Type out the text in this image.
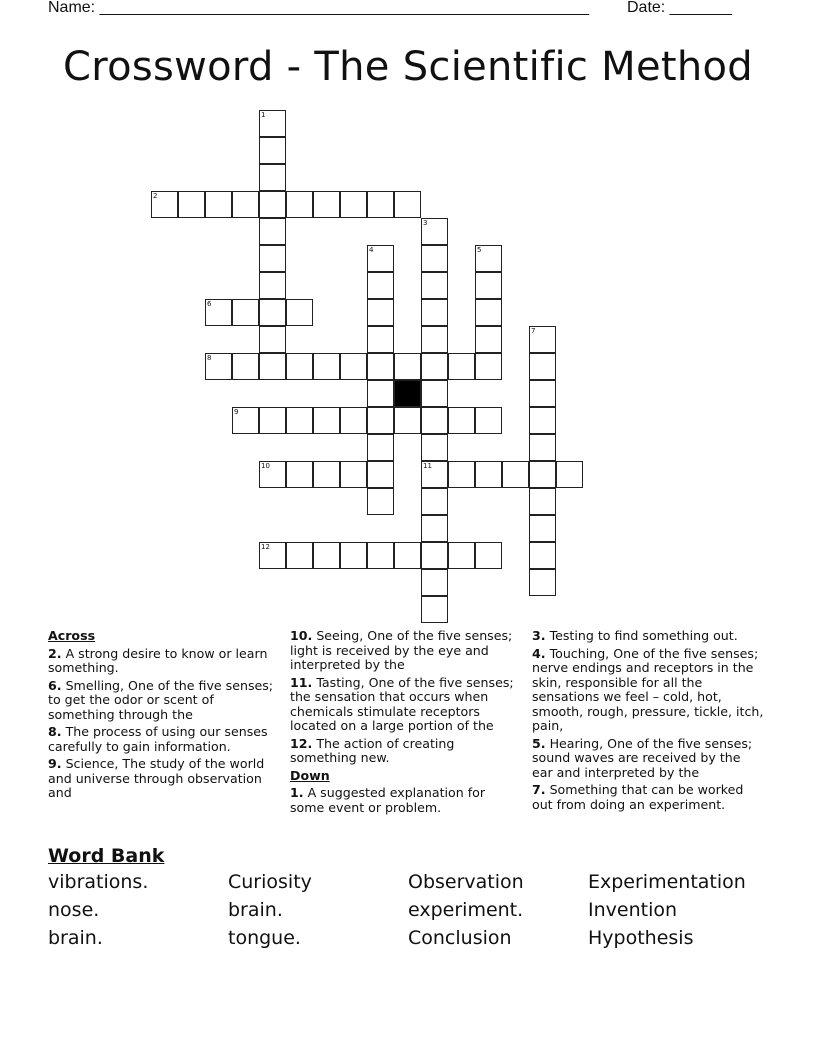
Name: _______________________________________________________ Date: _______
Crossword - The Scientific Method
1
2
3
4	5
6
7
8
9
10	11
12

Across

2. A strong desire to know or learn something.

6. Smelling, One of the five senses; to get the odor or scent of something through the

8. The process of using our senses carefully to gain information.

9. Science, The study of the world and universe through observation and

10. Seeing, One of the five senses; light is received by the eye and interpreted by the

11. Tasting, One of the five senses; the sensation that occurs when chemicals stimulate receptors located on a large portion of the

12. The action of creating something new.

Down

1. A suggested explanation for some event or problem.

3. Testing to find something out.

4. Touching, One of the five senses; nerve endings and receptors in the skin, responsible for all the sensations we feel – cold, hot, smooth, rough, pressure, tickle, itch, pain,

5. Hearing, One of the five senses; sound waves are received by the ear and interpreted by the

7. Something that can be worked out from doing an experiment.

Word Bank
vibrations.	Curiosity	Observation	Experimentation
nose.	brain.	experiment.	Invention
brain.	tongue.	Conclusion	Hypothesis
